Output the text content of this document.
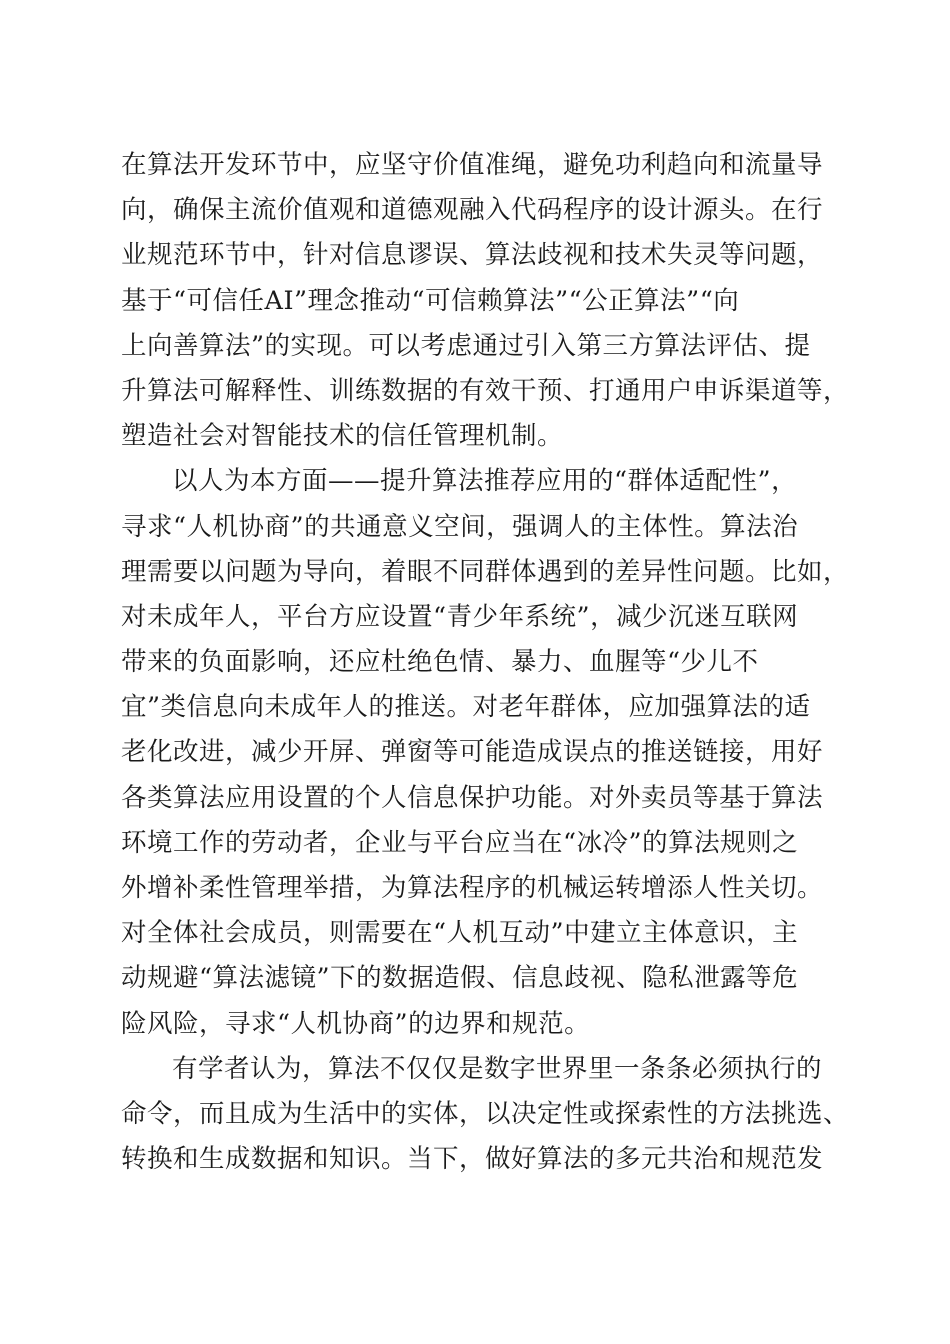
在算法开发环节中，应坚守价值准绳，避免功利趋向和流量导
向，确保主流价值观和道德观融入代码程序的设计源头。在行
业规范环节中，针对信息谬误、算法歧视和技术失灵等问题，
基于“可信任AI”理念推动“可信赖算法”“公正算法”“向
上向善算法”的实现。可以考虑通过引入第三方算法评估、提
升算法可解释性、训练数据的有效干预、打通用户申诉渠道等，
塑造社会对智能技术的信任管理机制。
以人为本方面——提升算法推荐应用的“群体适配性”，
寻求“人机协商”的共通意义空间，强调人的主体性。算法治
理需要以问题为导向，着眼不同群体遇到的差异性问题。比如，
对未成年人，平台方应设置“青少年系统”，减少沉迷互联网
带来的负面影响，还应杜绝色情、暴力、血腥等“少儿不
宜”类信息向未成年人的推送。对老年群体，应加强算法的适
老化改进，减少开屏、弹窗等可能造成误点的推送链接，用好
各类算法应用设置的个人信息保护功能。对外卖员等基于算法
环境工作的劳动者，企业与平台应当在“冰冷”的算法规则之
外增补柔性管理举措，为算法程序的机械运转增添人性关切。
对全体社会成员，则需要在“人机互动”中建立主体意识，主
动规避“算法滤镜”下的数据造假、信息歧视、隐私泄露等危
险风险，寻求“人机协商”的边界和规范。
有学者认为，算法不仅仅是数字世界里一条条必须执行的
命令，而且成为生活中的实体，以决定性或探索性的方法挑选、
转换和生成数据和知识。当下，做好算法的多元共治和规范发
